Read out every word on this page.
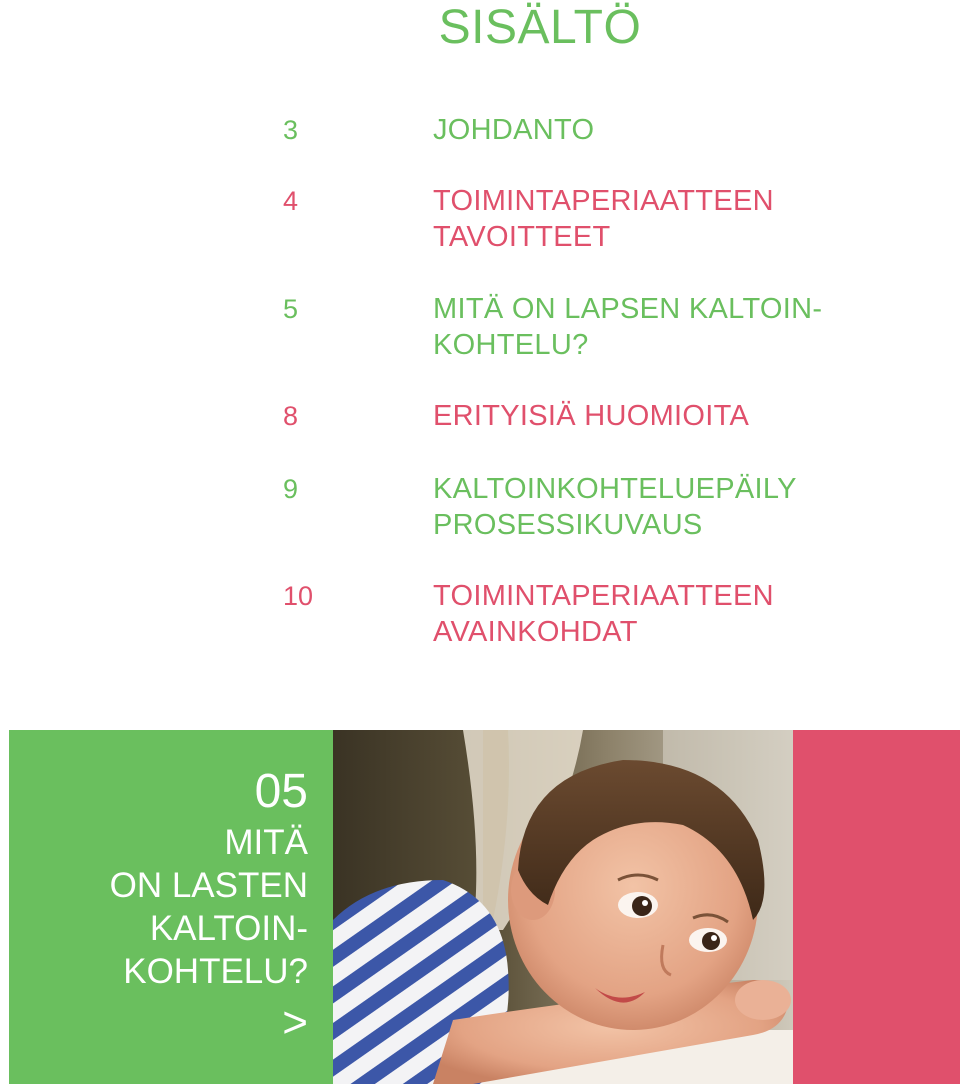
SISÄLTÖ
3	JOHDANTO
4	TOIMINTAPERIAATTEEN
TAVOITTEET
5	MITÄ ON LAPSEN KALTOIN-
KOHTELU?
8	ERITYISIÄ HUOMIOITA
9	KALTOINKOHTELUEPÄILY
PROSESSIKUVAUS
10	TOIMINTAPERIAATTEEN
AVAINKOHDAT
05
MITÄ
ON LASTEN
KALTOIN-
KOHTELU?
>
